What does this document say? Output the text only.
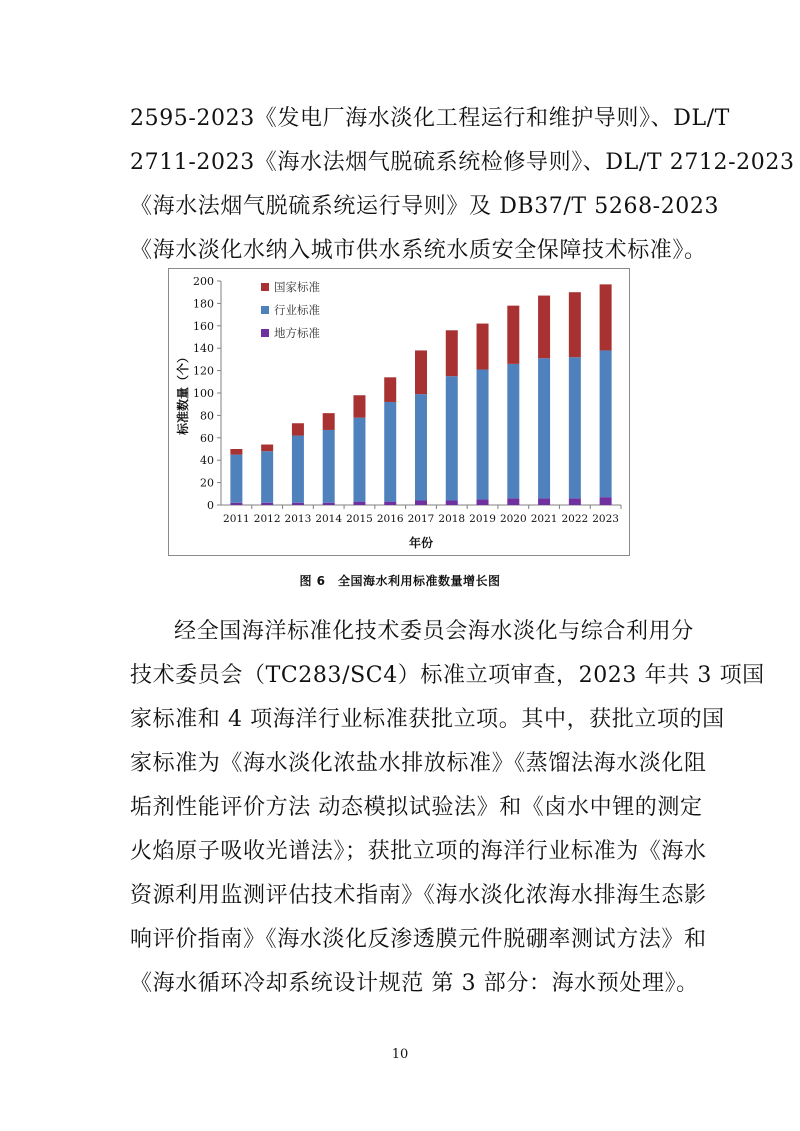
2595-2023《发电厂海水淡化工程运行和维护导则》、DL/T
2711-2023《海水法烟气脱硫系统检修导则》、DL/T 2712-2023
《海水法烟气脱硫系统运行导则》及 DB37/T 5268-2023
《海水淡化水纳入城市供水系统水质安全保障技术标准》。
0
20
40
60
80
100
120
140
160
180
200
2011 2012 2013 2014 2015 2016 2017 2018 2019 2020 2021 2022 2023
年份
标准数量（个）
国家标准
行业标准
地方标准
图 6　全国海水利用标准数量增长图
经全国海洋标准化技术委员会海水淡化与综合利用分
技术委员会（TC283/SC4）标准立项审查，2023 年共 3 项国
家标准和 4 项海洋行业标准获批立项。其中，获批立项的国
家标准为《海水淡化浓盐水排放标准》《蒸馏法海水淡化阻
垢剂性能评价方法 动态模拟试验法》和《卤水中锂的测定
火焰原子吸收光谱法》；获批立项的海洋行业标准为《海水
资源利用监测评估技术指南》《海水淡化浓海水排海生态影
响评价指南》《海水淡化反渗透膜元件脱硼率测试方法》和
《海水循环冷却系统设计规范 第 3 部分：海水预处理》。
10
